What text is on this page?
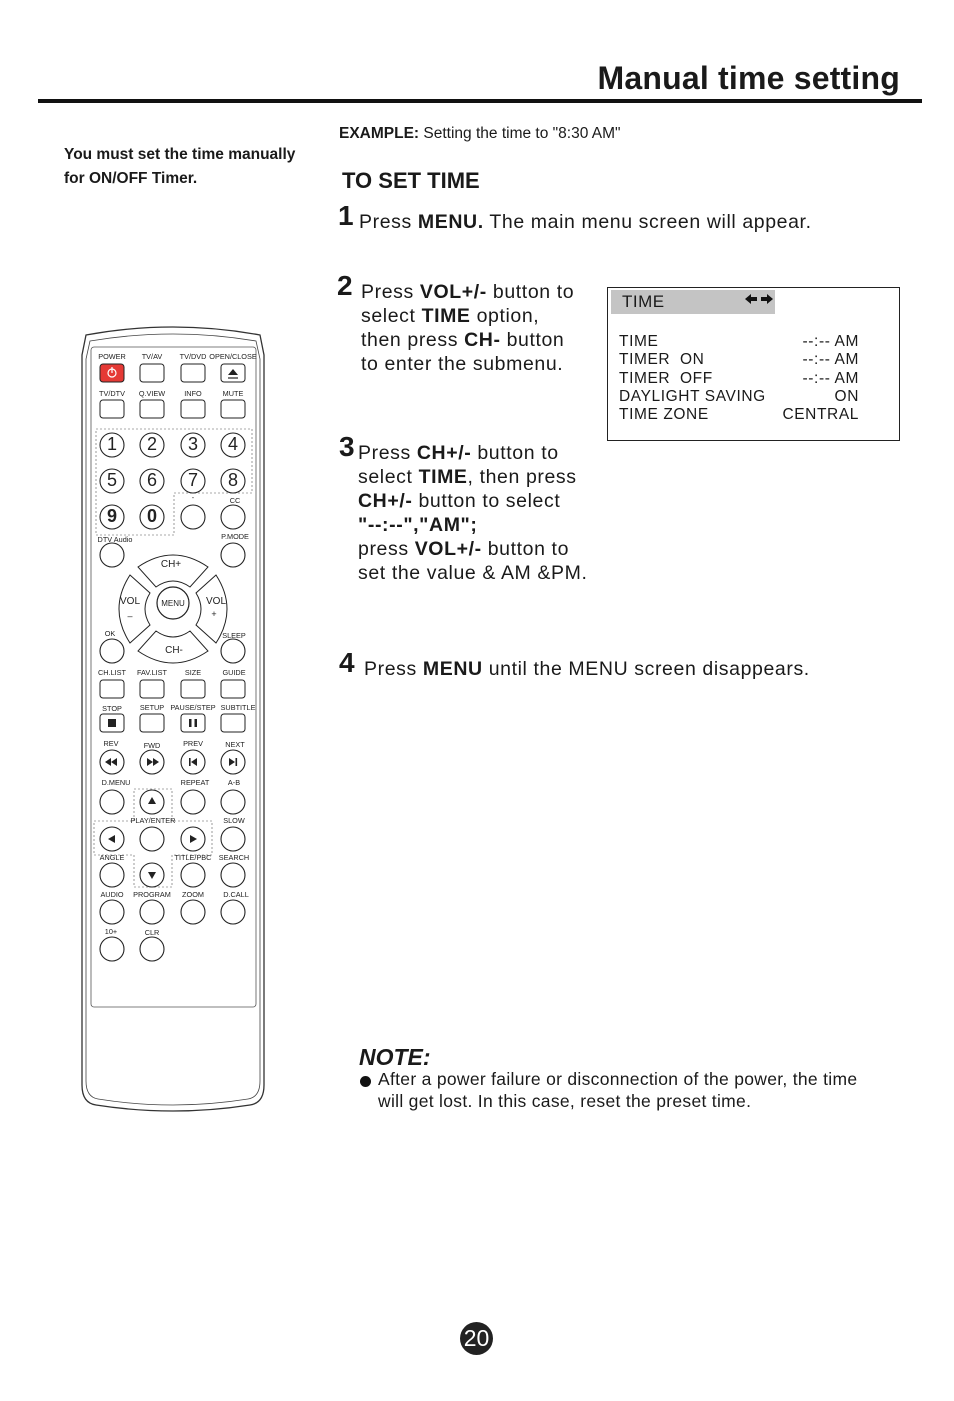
Manual time setting
You must set the time manually
for ON/OFF Timer.
EXAMPLE: Setting the time to "8:30 AM"
TO SET TIME
1 Press MENU. The main menu screen will appear.
2 Press VOL+/- button to
select TIME option,
then press CH- button
to enter the submenu.
3 Press CH+/- button to
select TIME, then press
CH+/- button to select
"--:--","AM";
press VOL+/- button to
set the value & AM &PM.
4 Press MENU until the MENU screen disappears.
TIME
TIME	--:-- AM
TIMER  ON	--:-- AM
TIMER  OFF	--:-- AM
DAYLIGHT SAVING	ON
TIME ZONE	CENTRAL
NOTE:
After a power failure or disconnection of the power, the time will get lost. In this case, reset the preset time.
20
POWER TV/AV TV/DVD OPEN/CLOSE
TV/DTV Q.VIEW	INFO	MUTE
-	CC
DTV Audio	P.MODE
CH+
VOL	MENU VOL
OK	SLEEP
CH-
CH.LIST FAV.LIST SIZE	GUIDE
STOP SETUP PAUSE/STEP SUBTITLE
REV	FWD	PREV	NEXT
D.MENU	REPEAT	A-B
PLAY/ENTER	SLOW
ANGLE	TITLE/PBC SEARCH
AUDIO PROGRAM ZOOM	D.CALL
10+	CLR
–	+
1 2 3 4
5 6 7 8
9 0
